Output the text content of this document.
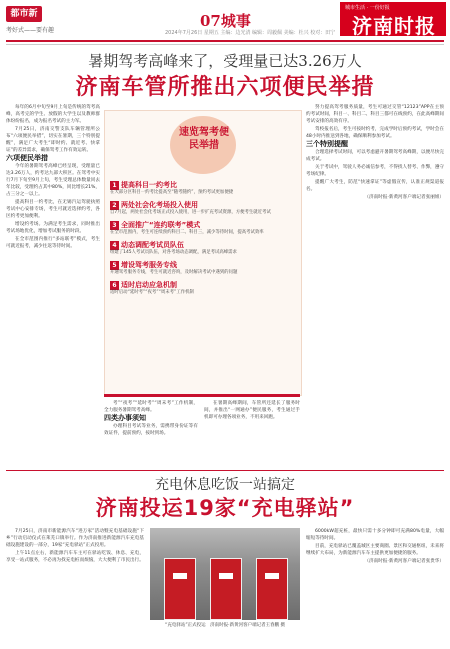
都市新
考好式——要有趣
07城事
2024年7月26日 星期五 主编：边光清 编辑：周毅佩 美编：杜兴 校对：田宁
城市生活 · 一份好报
济南时报
暑期驾考高峰来了，受理量已达3.26万人
济南车管所推出六项便民举措

每年的6月中旬至9月上旬是传统的驾考高峰，高考完的学生、放假的大学生以及教师群体纷纷报名，成为报名考试的主力军。

7月25日，济南交警支队车辆管理所公布“六项便民举措”，切实在暑期，三个特别提醒”，满足广大考生“即时约、就近考、快拿证”的差异需求，确保驾考工作有效运转。

六项便民举措

今年的暑期驾考高峰已经呈现，受理量已达3.26万人，约考达九部大积区。在驾考中实行7月下旬至9月上旬，考生受理总体数量同去年比较，受理约占其中80%，同比增长21%，占三分之一以上。

提高科目一约考比，在无锡汽运驾驶执照考试中心安排专场，考生可就近选择约考，各区约考更加便利。

增设约考场。为满足考生需求，同时推出考试场地优化，增加考试服务的时段。

在全市范围内推行“多站联考”模式，考生可就近报考，减少往返等待时间。

速览驾考便民举措
1 提高科目一约考比
在大部分区科目一约考比提高至“随考随约”，预约考试更加便捷
2 两处社会化考场投入使用
自7月起，两处社会化考场正式投入使用，进一步扩充考试资源，方便考生就近考试
3 全面推广“连约联考”模式
在全市范围内，考生可连续预约科目二、科目三，减少等待时间，提高考试效率
4 动态调配考试员队伍
组建了145人考试员队伍，对各考场动态调配，满足考试高峰需求
5 增设驾考服务专线
开通驾考服务专线，考生可就近咨询，及时解决考试中遇到的问题
6 适时启动应急机制
适时启动“延时考”“夜考”“周末考”工作机制

考”“夜考”“延时考”“周末考”工作机制，全力服务暑期驾考高峰。

四类办事须知

办理科目考试等业务，需携带身份证等有效证件，提前预约，按时到场。

在暑期高峰期间，车管所还延长了服务时间，并推出“一网通办”便民服务，考生通过手机即可办理各项业务，不用来回跑。

努力提高驾考服务质量，考生可通过交管“12123”APP在主预约考试时间，科目一、科目二、科目三都可在线预约，在此高峰期间考试安排的高效有序。

驾校报名后，考生可按时约考，完成学时后预约考试，学时会在48小时内推送到各地，确保顺利参加考试。

三个特别提醒

合理选择考试时间，可以考虑避开暑期驾考高峰期，以便尽快完成考试。

关于考试中，驾驶人务必诚信参考，不得找人替考、作弊，遵守考场纪律。

提醒广大考生，防范“快速拿证”等虚假宣传，认准正规渠道报名。

（济南时报·新黄河客户端记者张丽姐）
充电休息吃饭一站搞定
济南投运19家“充电驿站”

7月25日，济南市新能源汽车“进万家”活动暨充电基础设施“下乡”行动启动仪式在莱芜口镇举行。作为济南推进新能源汽车充电基础设施建设的一部分，19家“充电驿站”正式投用。

上午11点左右，新能源汽车车主可在驿站吃饭、休息、充电，享受一站式服务，不必再为找充电桩而烦恼，大大便利了市民出行。

“充电驿站”正式投运　 济南时报·新黄河客户端记者王春鹏 摄

6000kW超充桩，最快只需十多分钟即可充满80%电量，大幅缩短等待时间。

目前，充电驿站已覆盖城区主要商圈、景区和交通枢纽，未来将继续扩大布局，为新能源汽车车主提供更加便捷的服务。

（济南时报·新黄河客户端记者张贵华）
